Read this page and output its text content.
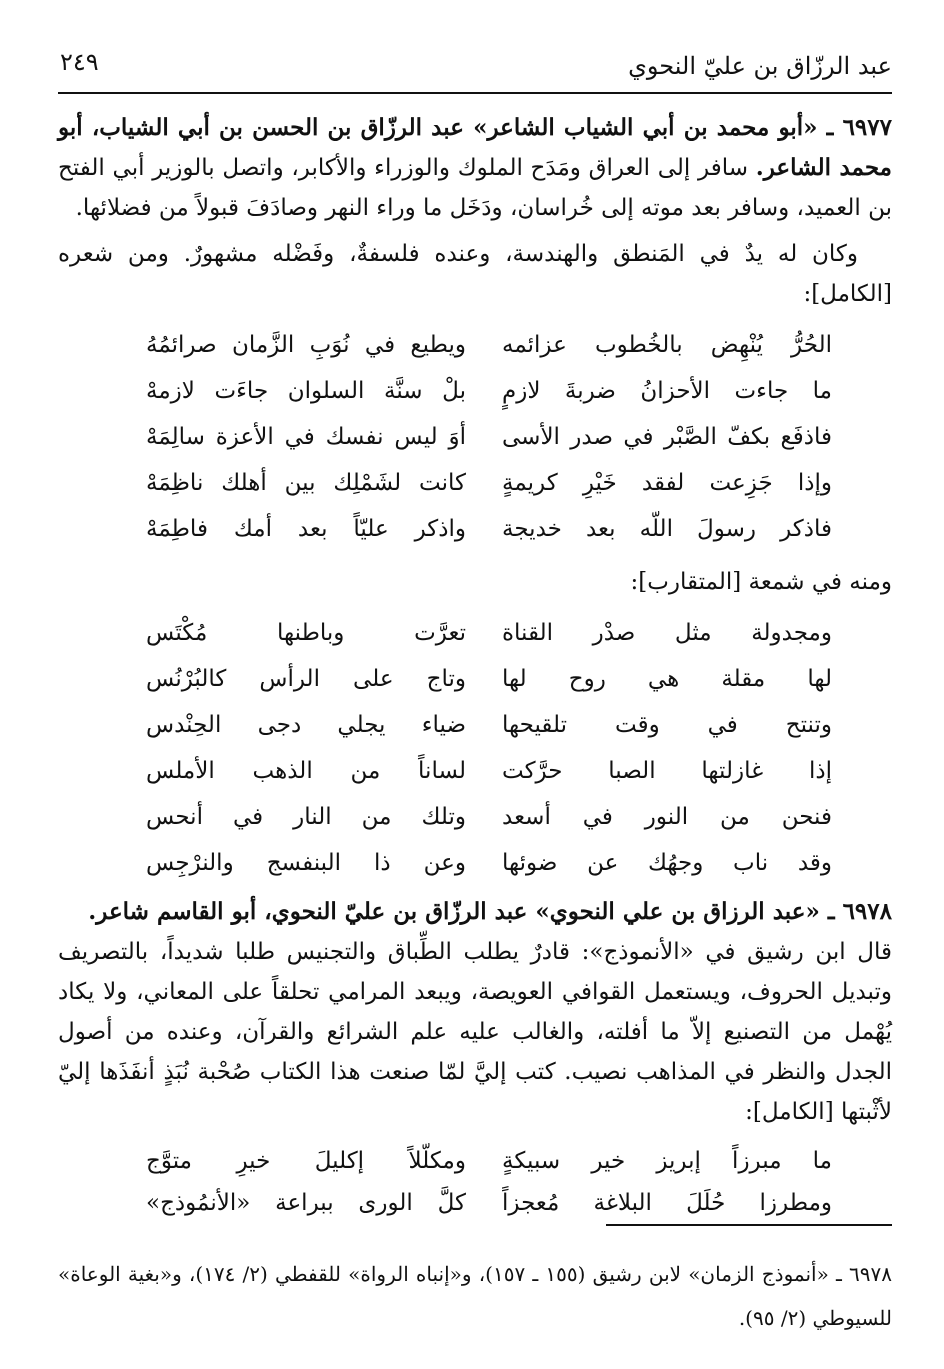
عبد الرزّاق بن عليّ النحوي
٢٤٩

٦٩٧٧ ـ «أبو محمد بن أبي الشياب الشاعر» عبد الرزّاق بن الحسن بن أبي الشياب، أبو محمد الشاعر. سافر إلى العراق ومَدَح الملوك والوزراء والأكابر، واتصل بالوزير أبي الفتح بن العميد، وسافر بعد موته إلى خُراسان، ودَخَل ما وراء النهر وصادَفَ قبولاً من فضلائها.

وكان له يدٌ في المَنطق والهندسة، وعنده فلسفةٌ، وفَضْله مشهورٌ. ومن شعره [الكامل]:

الحُرُّ يُنْهِض بالخُطوب عزائمه
ويطيع في نُوَبِ الزَّمان صرائمُهُ
ما جاءت الأحزانُ ضربةَ لازمٍ
بلْ سنَّة السلوان جاءَت لازمهْ
فاذفَع بكفّ الصَّبْر في صدر الأسى
أوَ ليس نفسك في الأعزة سالِمَهْ
وإذا جَزِعت لفقد خَيْرِ كريمةٍ
كانت لشَمْلِك بين أهلك ناظِمَهْ
فاذكر رسولَ اللّه بعد خديجة
واذكر عليّاً بعد أمك فاطِمَهْ

ومنه في شمعة [المتقارب]:

ومجدولة مثل صدْر القناة
تعرَّت وباطنها مُكْتَس
لها مقلة هي روح لها
وتاج على الرأس كالبُرْنُس
وتنتح في وقت تلقيحها
ضياء يجلي دجى الحِنْدس
إذا غازلتها الصبا حرَّكت
لساناً من الذهب الأملس
فنحن من النور في أسعد
وتلك من النار في أنحس
وقد ناب وجهُك عن ضوئها
وعن ذا البنفسج والنرْجِس

٦٩٧٨ ـ «عبد الرزاق بن علي النحوي» عبد الرزّاق بن عليّ النحوي، أبو القاسم شاعر.

قال ابن رشيق في «الأنموذج»: قادرٌ يطلب الطِّباق والتجنيس طلبا شديداً، بالتصريف وتبديل الحروف، ويستعمل القوافي العويصة، ويبعد المرامي تحلقاً على المعاني، ولا يكاد يُهْمل من التصنيع إلاّ ما أفلته، والغالب عليه علم الشرائع والقرآن، وعنده من أصول الجدل والنظر في المذاهب نصيب. كتب إليَّ لمّا صنعت هذا الكتاب صُحْبة نُبَذٍ أنفَذَها إليّ لأثْبتها [الكامل]:

ما مبرزاً إبريز خير سبيكةٍ
ومكلّلاً إكليلَ خيرِ متوَّج
ومطرزا حُلَلَ البلاغة مُعجزاً
كلَّ الورى ببراعة «الأنمُوذج»

٦٩٧٨ ـ «أنموذج الزمان» لابن رشيق (١٥٥ ـ ١٥٧)، و«إنباه الرواة» للقفطي (٢/ ١٧٤)، و«بغية الوعاة» للسيوطي (٢/ ٩٥).
